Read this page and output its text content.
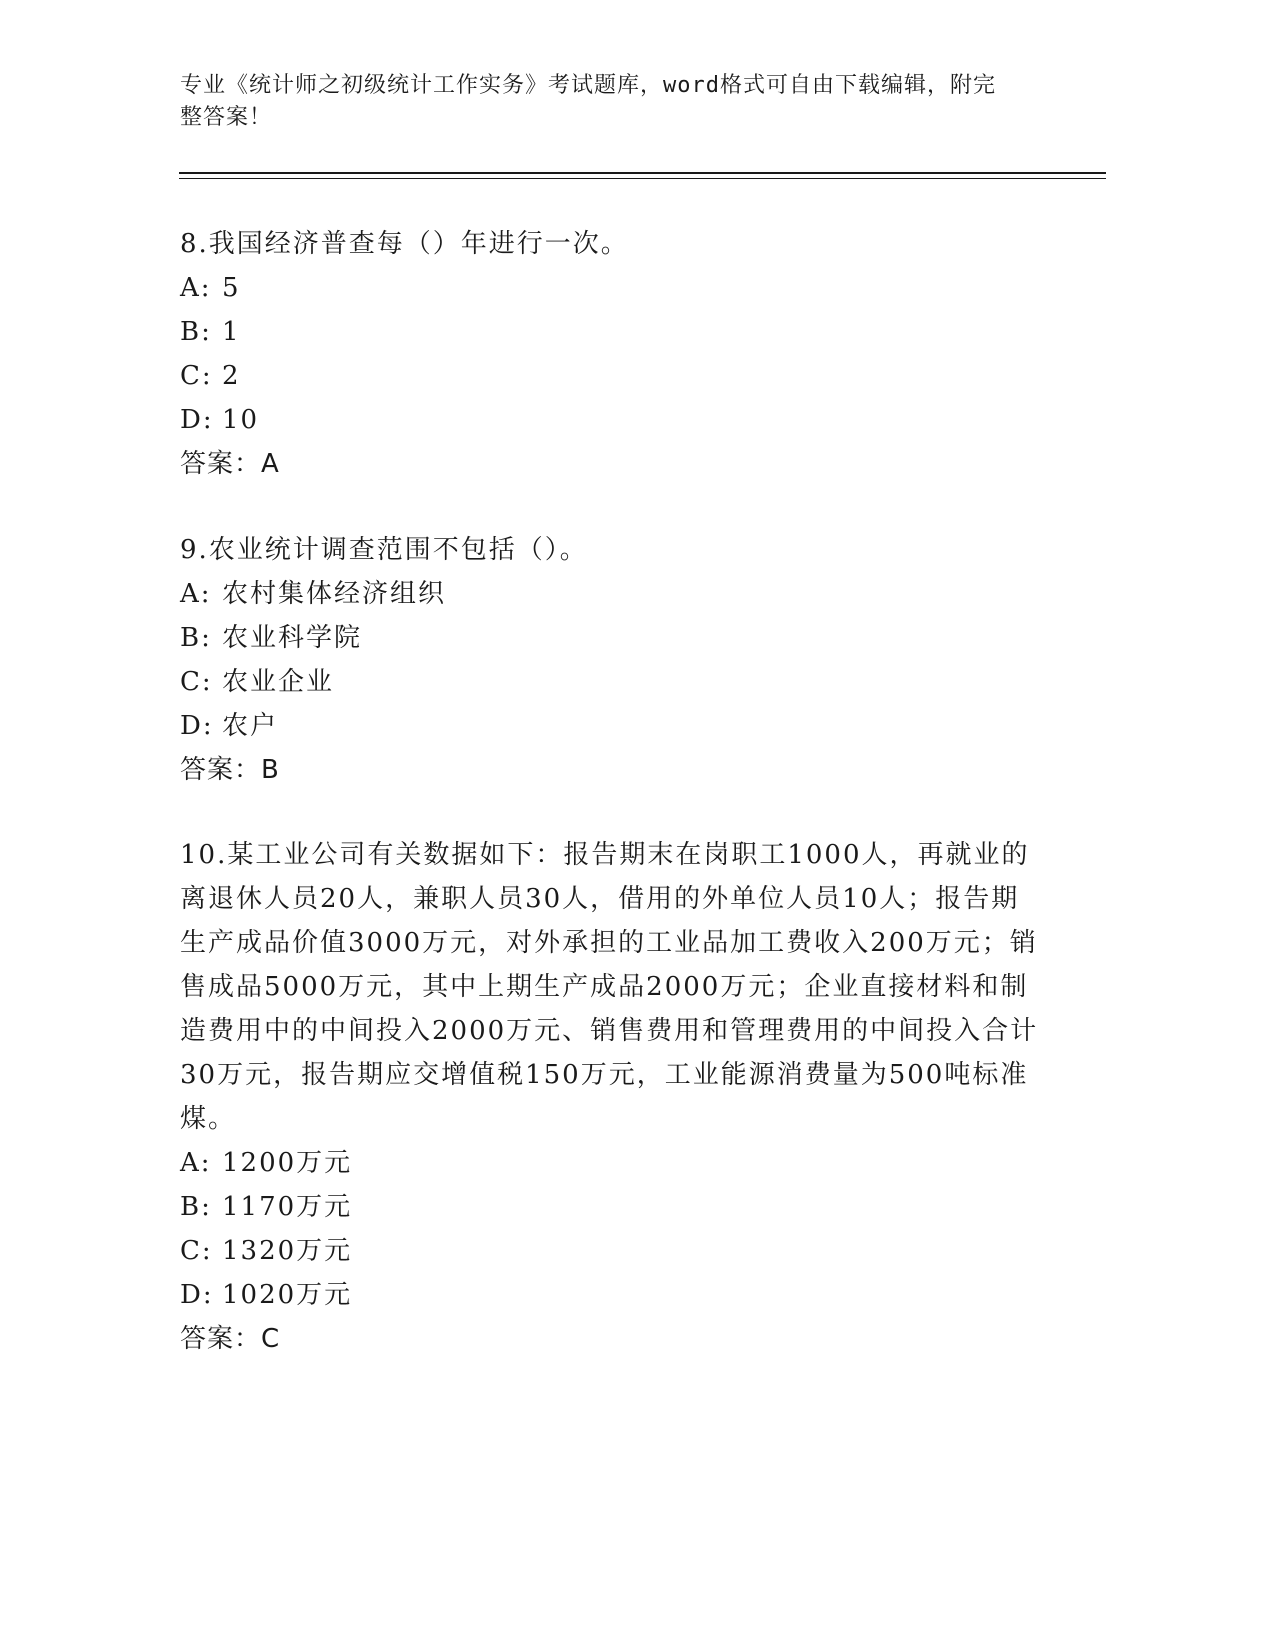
专业《统计师之初级统计工作实务》考试题库，word格式可自由下载编辑，附完
整答案！

8.我国经济普查每（）年进行一次。

A: 5

B: 1

C: 2

D: 10

答案：A

9.农业统计调查范围不包括（）。

A: 农村集体经济组织

B: 农业科学院

C: 农业企业

D: 农户

答案：B

10.某工业公司有关数据如下：报告期末在岗职工1000人，再就业的离退休人员20人，兼职人员30人，借用的外单位人员10人；报告期生产成品价值3000万元，对外承担的工业品加工费收入200万元；销售成品5000万元，其中上期生产成品2000万元；企业直接材料和制造费用中的中间投入2000万元、销售费用和管理费用的中间投入合计30万元，报告期应交增值税150万元，工业能源消费量为500吨标准煤。

A: 1200万元

B: 1170万元

C: 1320万元

D: 1020万元

答案：C
